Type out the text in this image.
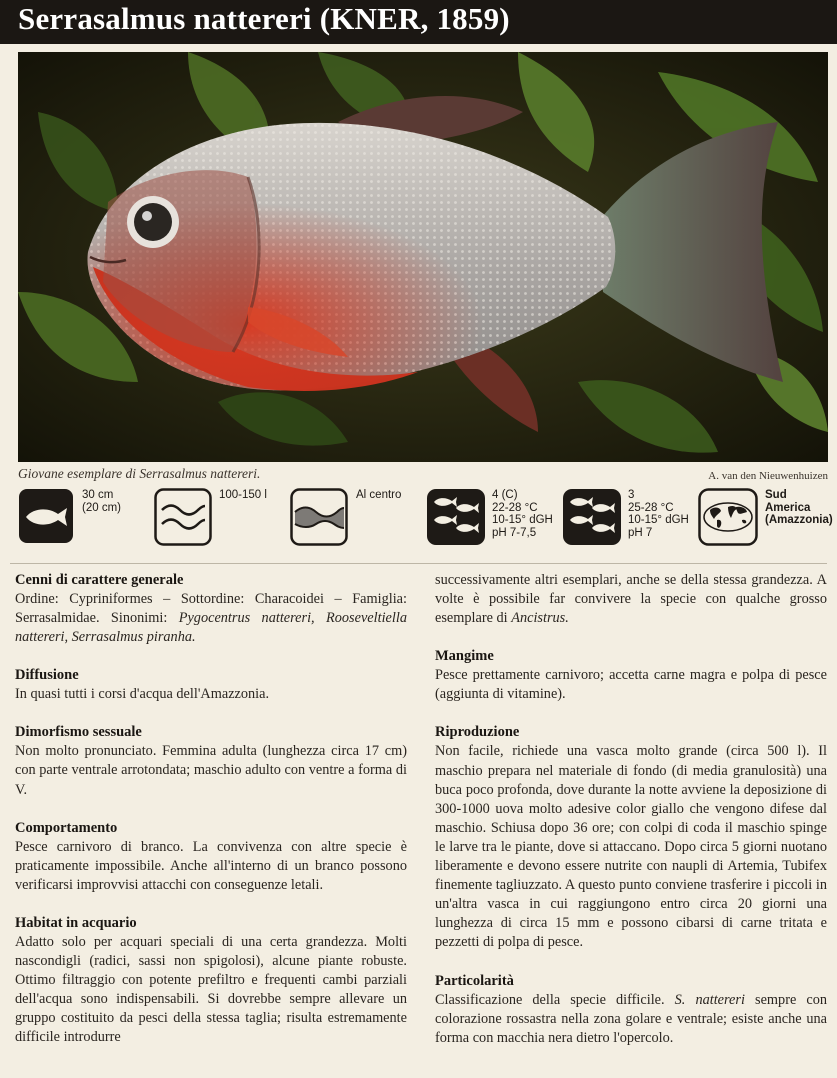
Serrasalmus nattereri (KNER, 1859)
Giovane esemplare di Serrasalmus nattereri.	A. van den Nieuwenhuizen
30 cm
(20 cm)
100-150 l	Al centro	4 (C)
22-28 °C
10-15° dGH
pH 7-7,5
3
25-28 °C
10-15° dGH
pH 7
Sud
America
(Amazzonia)
Cenni di carattere generale

Ordine: Cypriniformes – Sottordine: Characoidei – Famiglia: Serrasalmidae. Sinonimi: Pygocentrus nattereri, Rooseveltiella nattereri, Serrasalmus piranha.

Diffusione

In quasi tutti i corsi d'acqua dell'Amazzonia.

Dimorfismo sessuale

Non molto pronunciato. Femmina adulta (lunghezza circa 17 cm) con parte ventrale arrotondata; maschio adulto con ventre a forma di V.

Comportamento

Pesce carnivoro di branco. La convivenza con altre specie è praticamente impossibile. Anche all'interno di un branco possono verificarsi improvvisi attacchi con conseguenze letali.

Habitat in acquario

Adatto solo per acquari speciali di una certa grandezza. Molti nascondigli (radici, sassi non spigolosi), alcune piante robuste. Ottimo filtraggio con potente prefiltro e frequenti cambi parziali dell'acqua sono indispensabili. Si dovrebbe sempre allevare un gruppo costituito da pesci della stessa taglia; risulta estremamente difficile introdurre

successivamente altri esemplari, anche se della stessa grandezza. A volte è possibile far convivere la specie con qualche grosso esemplare di Ancistrus.

Mangime

Pesce prettamente carnivoro; accetta carne magra e polpa di pesce (aggiunta di vitamine).

Riproduzione

Non facile, richiede una vasca molto grande (circa 500 l). Il maschio prepara nel materiale di fondo (di media granulosità) una buca poco profonda, dove durante la notte avviene la deposizione di 300-1000 uova molto adesive color giallo che vengono difese dal maschio. Schiusa dopo 36 ore; con colpi di coda il maschio spinge le larve tra le piante, dove si attaccano. Dopo circa 5 giorni nuotano liberamente e devono essere nutrite con naupli di Artemia, Tubifex finemente tagliuzzato. A questo punto conviene trasferire i piccoli in un'altra vasca in cui raggiungono entro circa 20 giorni una lunghezza di circa 15 mm e possono cibarsi di carne tritata e pezzetti di polpa di pesce.

Particolarità

Classificazione della specie difficile. S. nattereri sempre con colorazione rossastra nella zona golare e ventrale; esiste anche una forma con macchia nera dietro l'opercolo.
